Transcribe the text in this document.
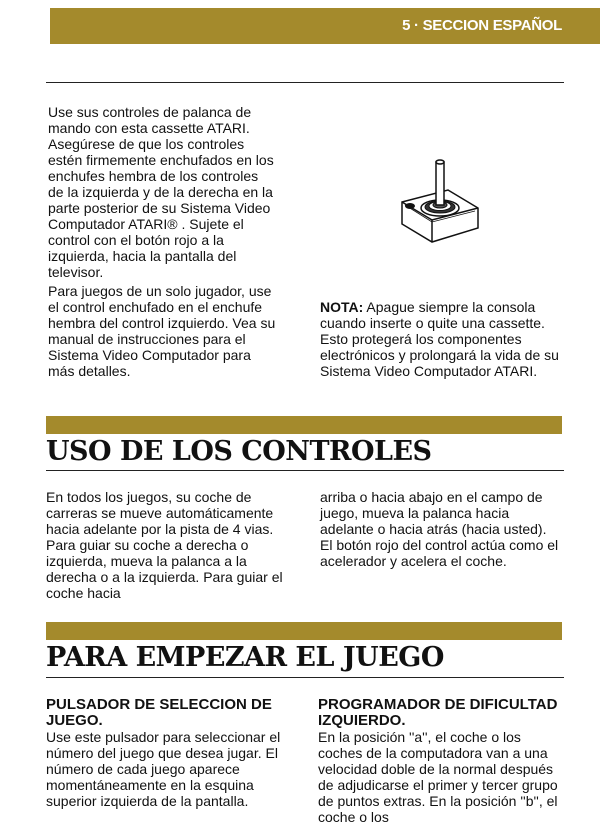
5 · SECCION ESPAÑOL

Use sus controles de palanca de mando con esta cassette ATARI. Asegúrese de que los controles estén firmemente enchufados en los enchufes hembra de los controles de la izquierda y de la derecha en la parte posterior de su Sistema Video Computador ATARI® . Sujete el control con el botón rojo a la izquierda, hacia la pantalla del televisor.

Para juegos de un solo jugador, use el control enchufado en el enchufe hembra del control izquierdo. Vea su manual de instrucciones para el Sistema Video Computador para más detalles.

NOTA: Apague siempre la consola cuando inserte o quite una cassette. Esto protegerá los componentes electrónicos y prolongará la vida de su Sistema Video Computador ATARI.

USO DE LOS CONTROLES

En todos los juegos, su coche de carreras se mueve automáticamente hacia adelante por la pista de 4 vias. Para guiar su coche a derecha o izquierda, mueva la palanca a la derecha o a la izquierda. Para guiar el coche hacia

arriba o hacia abajo en el campo de juego, mueva la palanca hacia adelante o hacia atrás (hacia usted). El botón rojo del control actúa como el acelerador y acelera el coche.

PARA EMPEZAR EL JUEGO

PULSADOR DE SELECCION DE JUEGO.

Use este pulsador para seleccionar el número del juego que desea jugar. El número de cada juego aparece momentáneamente en la esquina superior izquierda de la pantalla.

PROGRAMADOR DE DIFICULTAD IZQUIERDO.

En la posición ''a'', el coche o los coches de la computadora van a una velocidad doble de la normal después de adjudicarse el primer y tercer grupo de puntos extras. En la posición ''b'', el coche o los
